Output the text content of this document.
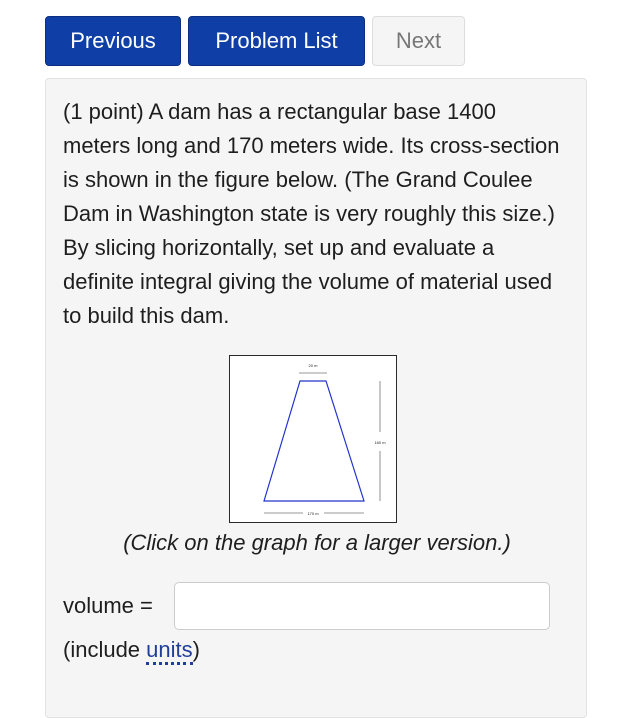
Previous	Problem List	Next

(1 point) A dam has a rectangular base 1400 meters long and 170 meters wide. Its cross-section is shown in the figure below. (The Grand Coulee Dam in Washington state is very roughly this size.) By slicing horizontally, set up and evaluate a definite integral giving the volume of material used to build this dam.

20 m
160 m
170 m
(Click on the graph for a larger version.)
volume =
(include units)
